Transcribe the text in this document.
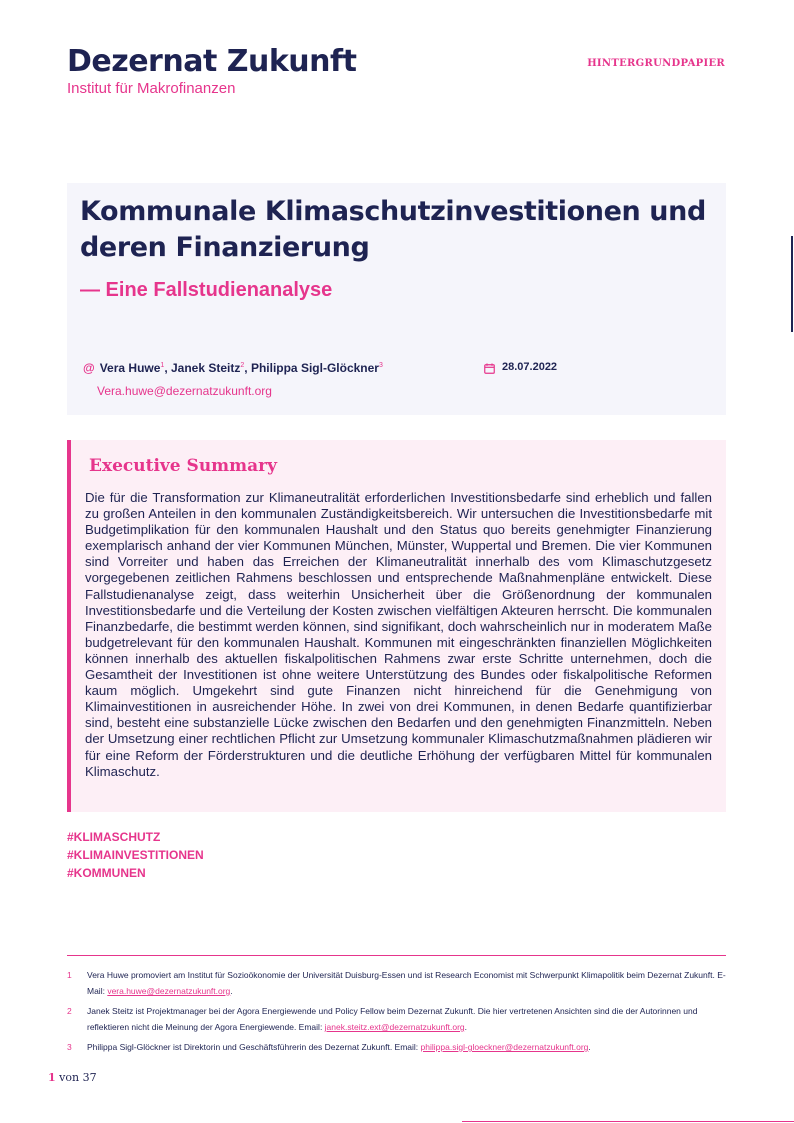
Dezernat Zukunft
Institut für Makrofinanzen
HINTERGRUNDPAPIER
Kommunale Klimaschutzinvestitionen und deren Finanzierung
— Eine Fallstudienanalyse
@ Vera Huwe$^1$, Janek Steitz$^2$, Philippa Sigl-Glöckner$^3$
Vera.huwe@dezernatzukunft.org
28.07.2022
Executive Summary
Die für die Transformation zur Klimaneutralität erforderlichen Investitionsbedarfe sind erheblich und fallen zu großen Anteilen in den kommunalen Zuständigkeitsbereich. Wir untersuchen die Investitionsbedarfe mit Budgetimplikation für den kommunalen Haushalt und den Status quo bereits genehmigter Finanzierung exemplarisch anhand der vier Kommunen München, Münster, Wuppertal und Bremen. Die vier Kommunen sind Vorreiter und haben das Erreichen der Klimaneutralität innerhalb des vom Klimaschutzgesetz vorgegebenen zeitlichen Rahmens beschlossen und entsprechende Maßnahmenpläne entwickelt. Diese Fallstudienanalyse zeigt, dass weiterhin Unsicherheit über die Größenordnung der kommunalen Investitionsbedarfe und die Verteilung der Kosten zwischen vielfältigen Akteuren herrscht. Die kommunalen Finanzbedarfe, die bestimmt werden können, sind signifikant, doch wahrscheinlich nur in moderatem Maße budgetrelevant für den kommunalen Haushalt. Kommunen mit eingeschränkten finanziellen Möglichkeiten können innerhalb des aktuellen fiskalpolitischen Rahmens zwar erste Schritte unternehmen, doch die Gesamtheit der Investitionen ist ohne weitere Unterstützung des Bundes oder fiskalpolitische Reformen kaum möglich. Umgekehrt sind gute Finanzen nicht hinreichend für die Genehmigung von Klimainvestitionen in ausreichender Höhe. In zwei von drei Kommunen, in denen Bedarfe quantifizierbar sind, besteht eine substanzielle Lücke zwischen den Bedarfen und den genehmigten Finanzmitteln. Neben der Umsetzung einer rechtlichen Pflicht zur Umsetzung kommunaler Klimaschutzmaßnahmen plädieren wir für eine Reform der Förderstrukturen und die deutliche Erhöhung der verfügbaren Mittel für kommunalen Klimaschutz.
#KLIMASCHUTZ
#KLIMAINVESTITIONEN
#KOMMUNEN
1 Vera Huwe promoviert am Institut für Sozioökonomie der Universität Duisburg-Essen und ist Research Economist mit Schwerpunkt Klimapolitik beim Dezernat Zukunft. E-Mail: vera.huwe@dezernatzukunft.org.
2 Janek Steitz ist Projektmanager bei der Agora Energiewende und Policy Fellow beim Dezernat Zukunft. Die hier vertretenen Ansichten sind die der Autorinnen und reflektieren nicht die Meinung der Agora Energiewende. Email: janek.steitz.ext@dezernatzukunft.org.
3 Philippa Sigl-Glöckner ist Direktorin und Geschäftsführerin des Dezernat Zukunft. Email: philippa.sigl-gloeckner@dezernatzukunft.org.
1 von 37
